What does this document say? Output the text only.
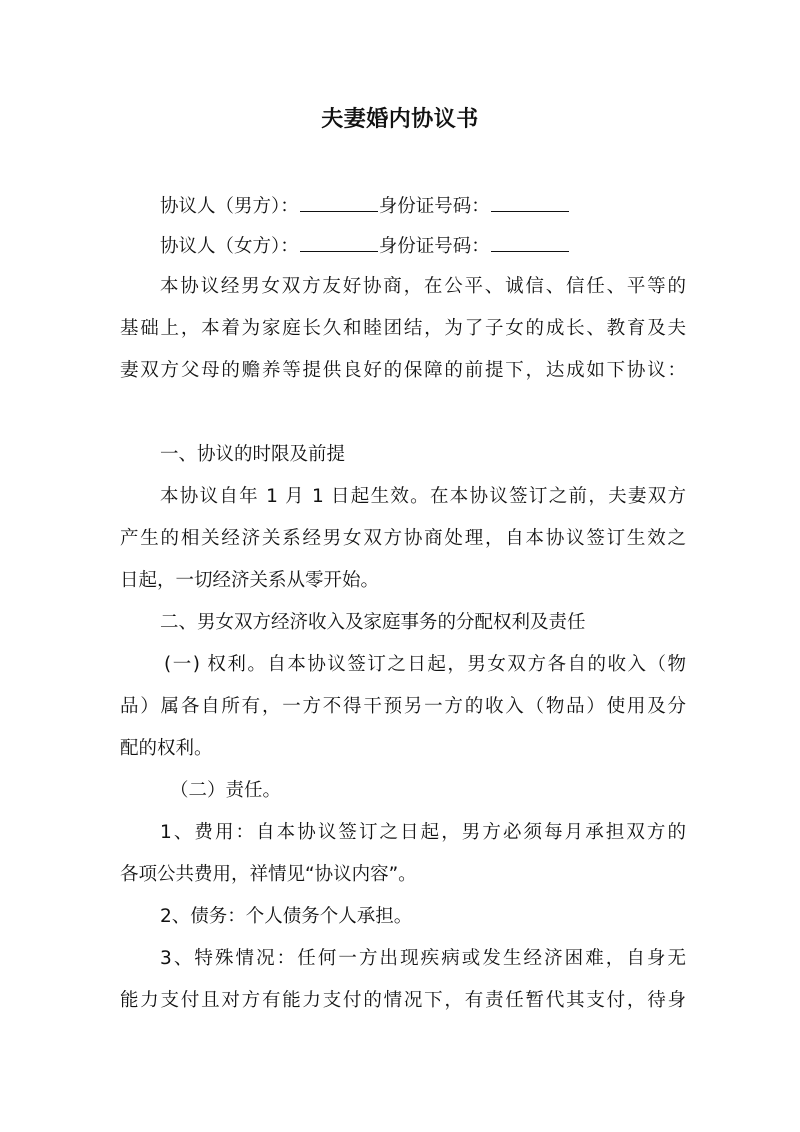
夫妻婚内协议书
协议人（男方）：	身份证号码：
协议人（女方）：	身份证号码：
本协议经男女双方友好协商，在公平、诚信、信任、平等的
基础上，本着为家庭长久和睦团结，为了子女的成长、教育及夫
妻双方父母的赡养等提供良好的保障的前提下，达成如下协议：
一、协议的时限及前提
本协议自年 1 月 1 日起生效。在本协议签订之前，夫妻双方
产生的相关经济关系经男女双方协商处理，自本协议签订生效之
日起，一切经济关系从零开始。
二、男女双方经济收入及家庭事务的分配权利及责任
(一) 权利。自本协议签订之日起，男女双方各自的收入（物
品）属各自所有，一方不得干预另一方的收入（物品）使用及分
配的权利。
（二）责任。
1、费用：自本协议签订之日起，男方必须每月承担双方的
各项公共费用，祥情见“协议内容”。
2、债务：个人债务个人承担。
3、特殊情况：任何一方出现疾病或发生经济困难，自身无
能力支付且对方有能力支付的情况下，有责任暂代其支付，待身
